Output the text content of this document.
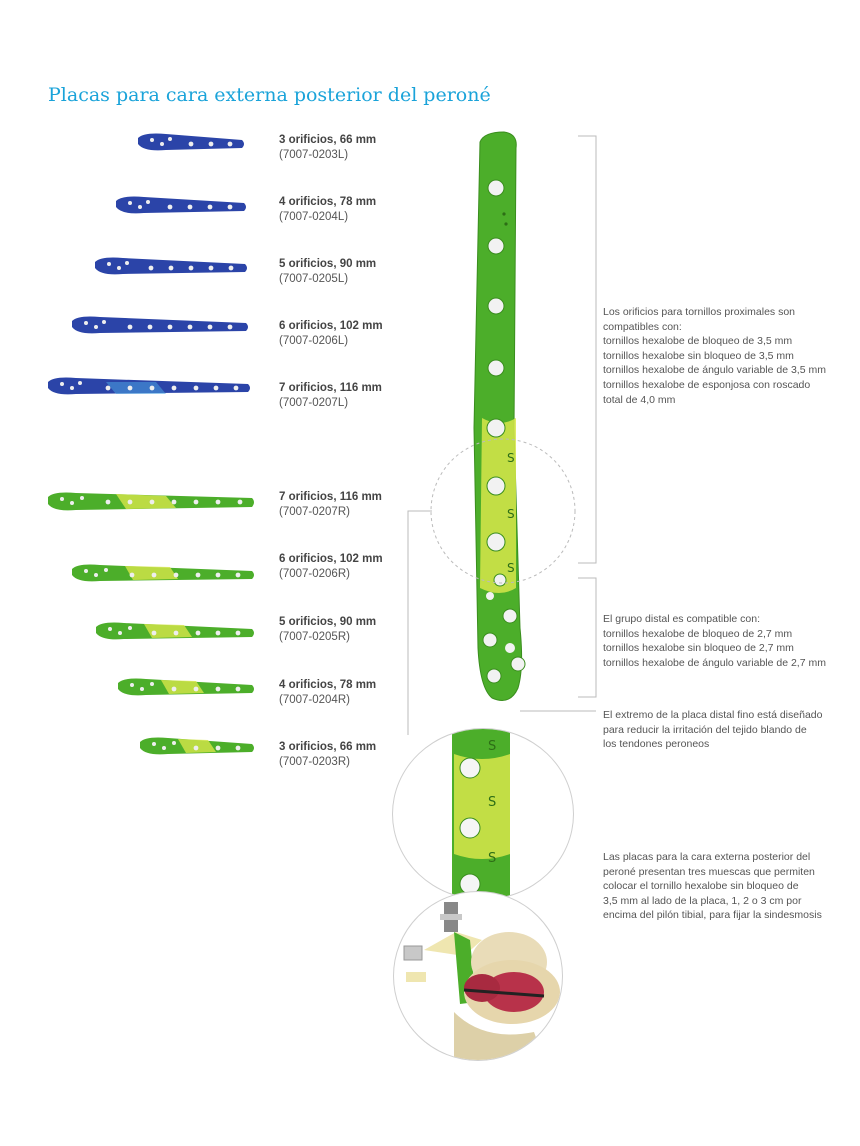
Placas para cara externa posterior del peroné
3 orificios, 66 mm
(7007-0203L)
4 orificios, 78 mm
(7007-0204L)
5 orificios, 90 mm
(7007-0205L)
6 orificios, 102 mm
(7007-0206L)
7 orificios, 116 mm
(7007-0207L)
7 orificios, 116 mm
(7007-0207R)
6 orificios, 102 mm
(7007-0206R)
5 orificios, 90 mm
(7007-0205R)
4 orificios, 78 mm
(7007-0204R)
3 orificios, 66 mm
(7007-0203R)
S
S
S
S
S
S
Los orificios para tornillos proximales son
compatibles con:
tornillos hexalobe de bloqueo de 3,5 mm
tornillos hexalobe sin bloqueo de 3,5 mm
tornillos hexalobe de ángulo variable de 3,5 mm
tornillos hexalobe de esponjosa con roscado
total de 4,0 mm
El grupo distal es compatible con:
tornillos hexalobe de bloqueo de 2,7 mm
tornillos hexalobe sin bloqueo de 2,7 mm
tornillos hexalobe de ángulo variable de 2,7 mm
El extremo de la placa distal fino está diseñado
para reducir la irritación del tejido blando de
los tendones peroneos
Las placas para la cara externa posterior del
peroné presentan tres muescas que permiten
colocar el tornillo hexalobe sin bloqueo de
3,5 mm al lado de la placa, 1, 2 o 3 cm por
encima del pilón tibial, para fijar la sindesmosis
